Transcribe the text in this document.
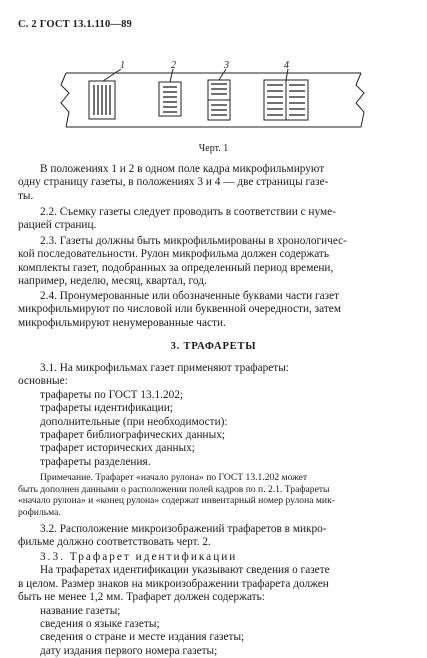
С. 2 ГОСТ 13.1.110—89
1	2	3	4
Черт. 1
В положениях 1 и 2 в одном поле кадра микрофильмируют
одну страницу газеты, в положениях 3 и 4 — две страницы газе-
ты.
2.2. Съемку газеты следует проводить в соответствии с нуме-
рацией страниц.
2.3. Газеты должны быть микрофильмированы в хронологичес-
кой последовательности. Рулон микрофильма должен содержать
комплекты газет, подобранных за определенный период времени,
например, неделю, месяц, квартал, год.
2.4. Пронумерованные или обозначенные буквами части газет
микрофильмируют по числовой или буквенной очередности, затем
микрофильмируют ненумерованные части.
3. ТРАФАРЕТЫ
3.1. На микрофильмах газет применяют трафареты:
основные:
трафареты по ГОСТ 13.1.202;
трафареты идентификации;
дополнительные (при необходимости):
трафарет библиографических данных;
трафарет исторических данных;
трафареты разделения.
Примечание. Трафарет «начало рулона» по ГОСТ 13.1.202 может
быть дополнен данными о расположении полей кадров по п. 2.1. Трафареты
«начало рулона» и «конец рулона» содержат инвентарный номер рулона мик-
рофильма.
3.2. Расположение микроизображений трафаретов в микро-
фильме должно соответствовать черт. 2.
3.3. Трафарет идентификации
На трафаретах идентификации указывают сведения о газете
в целом. Размер знаков на микроизображении трафарета должен
быть не менее 1,2 мм. Трафарет должен содержать:
название газеты;
сведения о языке газеты;
сведения о стране и месте издания газеты;
дату издания первого номера газеты;
